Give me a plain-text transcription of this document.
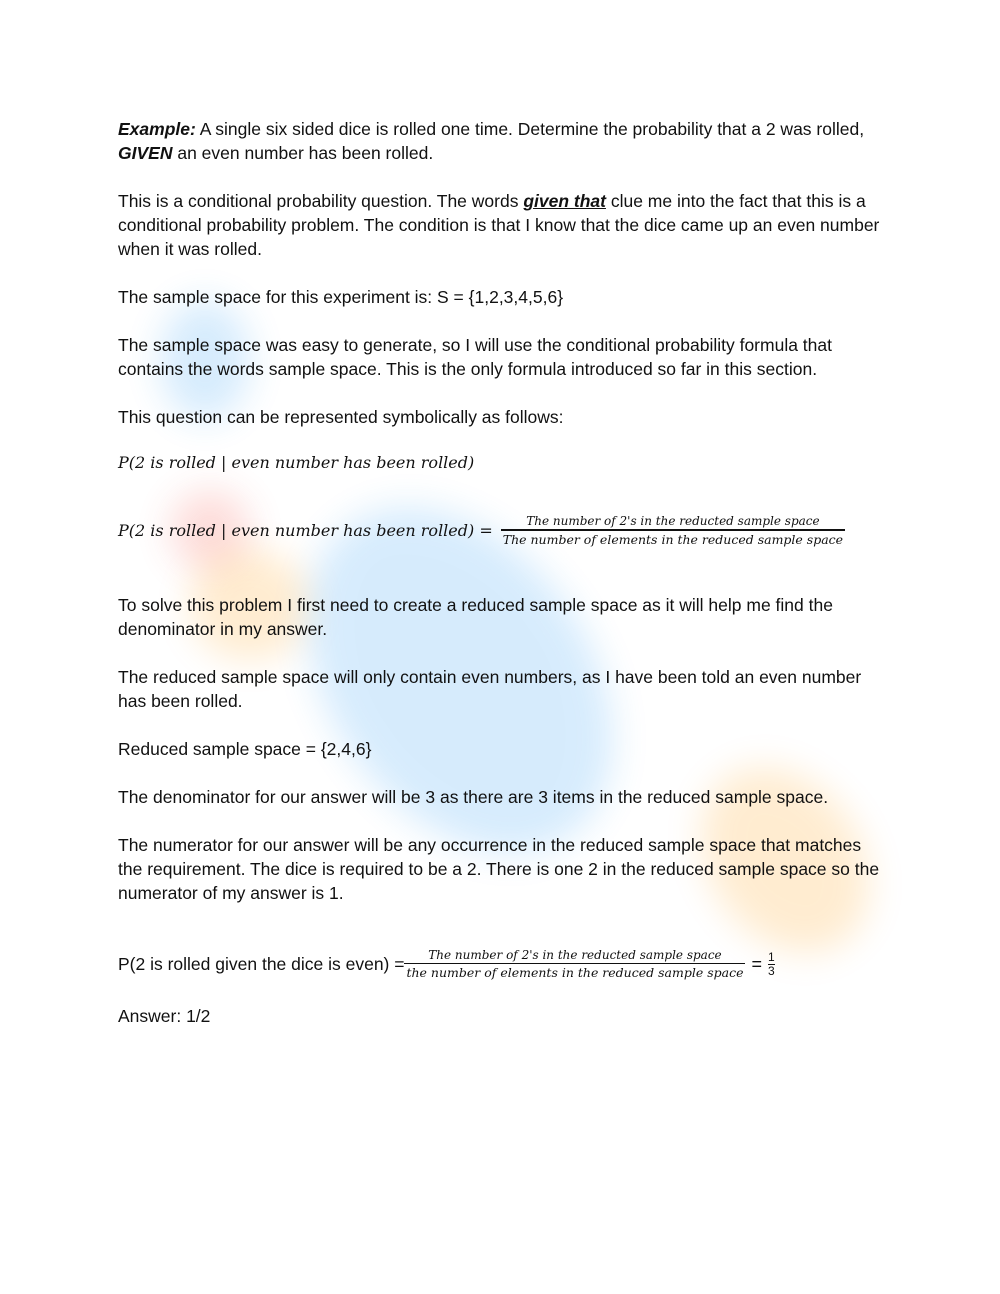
Example: A single six sided dice is rolled one time. Determine the probability that a 2 was rolled, GIVEN an even number has been rolled.

This is a conditional probability question. The words given that clue me into the fact that this is a conditional probability problem. The condition is that I know that the dice came up an even number when it was rolled.

The sample space for this experiment is: S = {1,2,3,4,5,6}

The sample space was easy to generate, so I will use the conditional probability formula that contains the words sample space. This is the only formula introduced so far in this section.

This question can be represented symbolically as follows:

P(2 is rolled | even number has been rolled)

P(2 is rolled | even number has been rolled) = $\frac{\text{The number of 2's in the reducted sample space}}{\text{The number of elements in the reduced sample space}}$

To solve this problem I first need to create a reduced sample space as it will help me find the denominator in my answer.

The reduced sample space will only contain even numbers, as I have been told an even number has been rolled.

Reduced sample space = {2,4,6}

The denominator for our answer will be 3 as there are 3 items in the reduced sample space.

The numerator for our answer will be any occurrence in the reduced sample space that matches the requirement. The dice is required to be a 2. There is one 2 in the reduced sample space so the numerator of my answer is 1.

P(2 is rolled given the dice is even) = $\frac{\text{The number of 2's in the reducted sample space}}{\text{the number of elements in the reduced sample space}} = \frac{1}{3}$

Answer: 1/2
